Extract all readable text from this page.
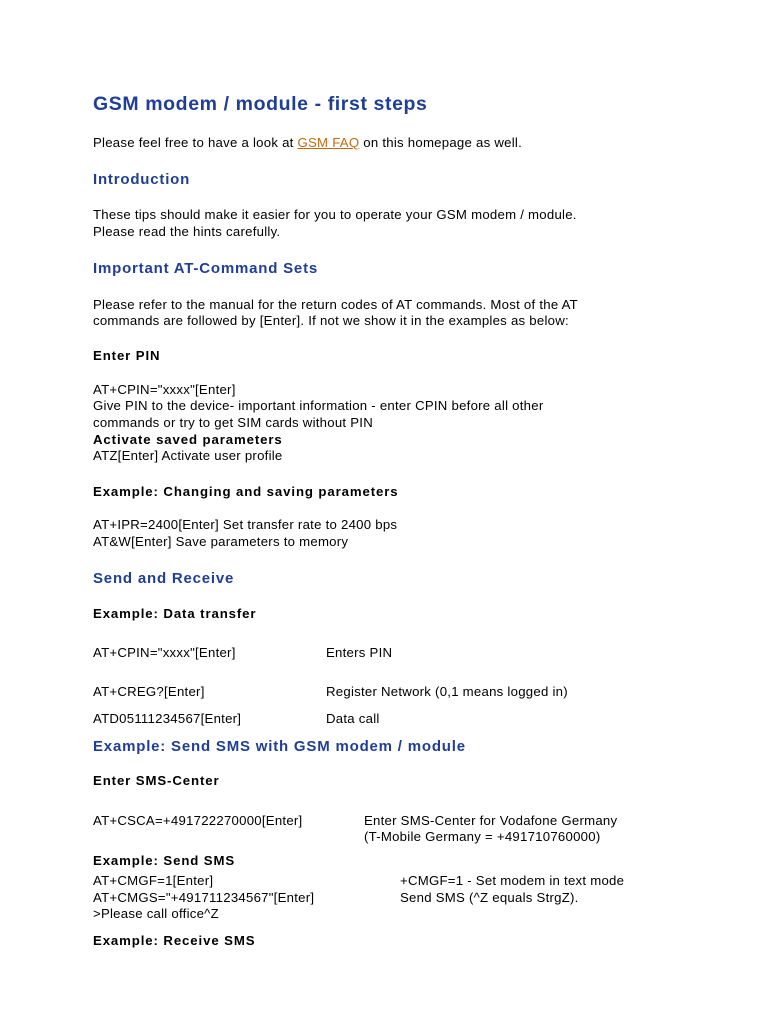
GSM modem / module - first steps
Please feel free to have a look at GSM FAQ on this homepage as well.
Introduction
These tips should make it easier for you to operate your GSM modem / module.
Please read the hints carefully.
Important AT-Command Sets
Please refer to the manual for the return codes of AT commands. Most of the AT
commands are followed by [Enter]. If not we show it in the examples as below:
Enter PIN
AT+CPIN="xxxx"[Enter]
Give PIN to the device- important information - enter CPIN before all other
commands or try to get SIM cards without PIN
Activate saved parameters
ATZ[Enter] Activate user profile
Example: Changing and saving parameters
AT+IPR=2400[Enter] Set transfer rate to 2400 bps
AT&W[Enter] Save parameters to memory
Send and Receive
Example: Data transfer
AT+CPIN="xxxx"[Enter]	Enters PIN
AT+CREG?[Enter]	Register Network (0,1 means logged in)
ATD05111234567[Enter]	Data call
Example: Send SMS with GSM modem / module
Enter SMS-Center
AT+CSCA=+491722270000[Enter]	Enter SMS-Center for Vodafone Germany
(T-Mobile Germany = +491710760000)
Example: Send SMS
AT+CMGF=1[Enter]	+CMGF=1 - Set modem in text mode
AT+CMGS="+491711234567"[Enter]	Send SMS (^Z equals StrgZ).
>Please call office^Z
Example: Receive SMS
